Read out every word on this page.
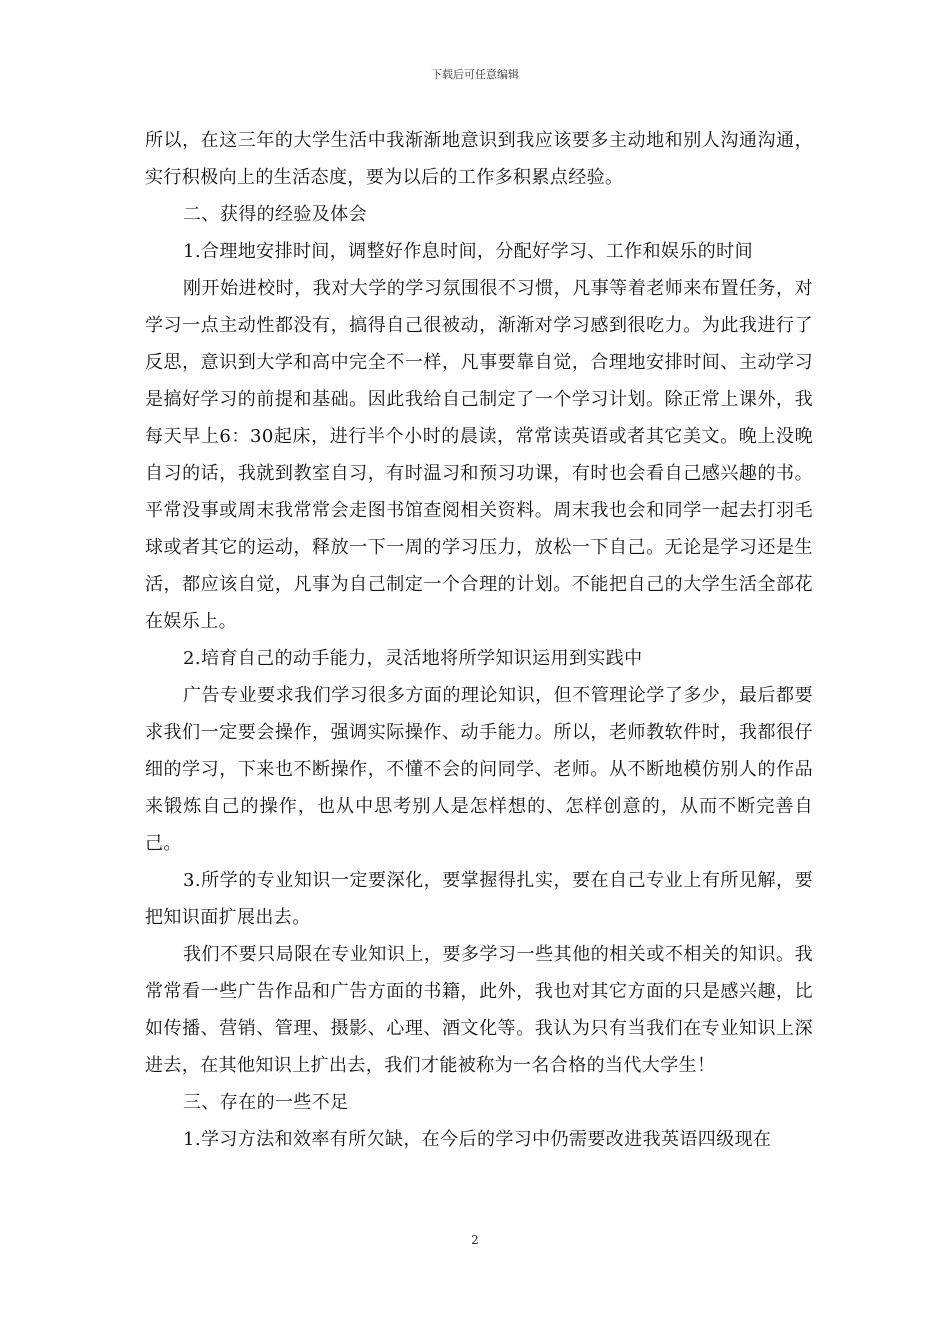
下载后可任意编辑

所以，在这三年的大学生活中我渐渐地意识到我应该要多主动地和别人沟通沟通，实行积极向上的生活态度，要为以后的工作多积累点经验。

二、获得的经验及体会

1.合理地安排时间，调整好作息时间，分配好学习、工作和娱乐的时间

刚开始进校时，我对大学的学习氛围很不习惯，凡事等着老师来布置任务，对学习一点主动性都没有，搞得自己很被动，渐渐对学习感到很吃力。为此我进行了反思，意识到大学和高中完全不一样，凡事要靠自觉，合理地安排时间、主动学习是搞好学习的前提和基础。因此我给自己制定了一个学习计划。除正常上课外，我每天早上6：30起床，进行半个小时的晨读，常常读英语或者其它美文。晚上没晚自习的话，我就到教室自习，有时温习和预习功课，有时也会看自己感兴趣的书。平常没事或周末我常常会走图书馆查阅相关资料。周末我也会和同学一起去打羽毛球或者其它的运动，释放一下一周的学习压力，放松一下自己。无论是学习还是生活，都应该自觉，凡事为自己制定一个合理的计划。不能把自己的大学生活全部花在娱乐上。

2.培育自己的动手能力，灵活地将所学知识运用到实践中

广告专业要求我们学习很多方面的理论知识，但不管理论学了多少，最后都要求我们一定要会操作，强调实际操作、动手能力。所以，老师教软件时，我都很仔细的学习，下来也不断操作，不懂不会的问同学、老师。从不断地模仿别人的作品来锻炼自己的操作，也从中思考别人是怎样想的、怎样创意的，从而不断完善自己。

3.所学的专业知识一定要深化，要掌握得扎实，要在自己专业上有所见解，要把知识面扩展出去。

我们不要只局限在专业知识上，要多学习一些其他的相关或不相关的知识。我常常看一些广告作品和广告方面的书籍，此外，我也对其它方面的只是感兴趣，比如传播、营销、管理、摄影、心理、酒文化等。我认为只有当我们在专业知识上深进去，在其他知识上扩出去，我们才能被称为一名合格的当代大学生！

三、存在的一些不足

1.学习方法和效率有所欠缺，在今后的学习中仍需要改进我英语四级现在

2
